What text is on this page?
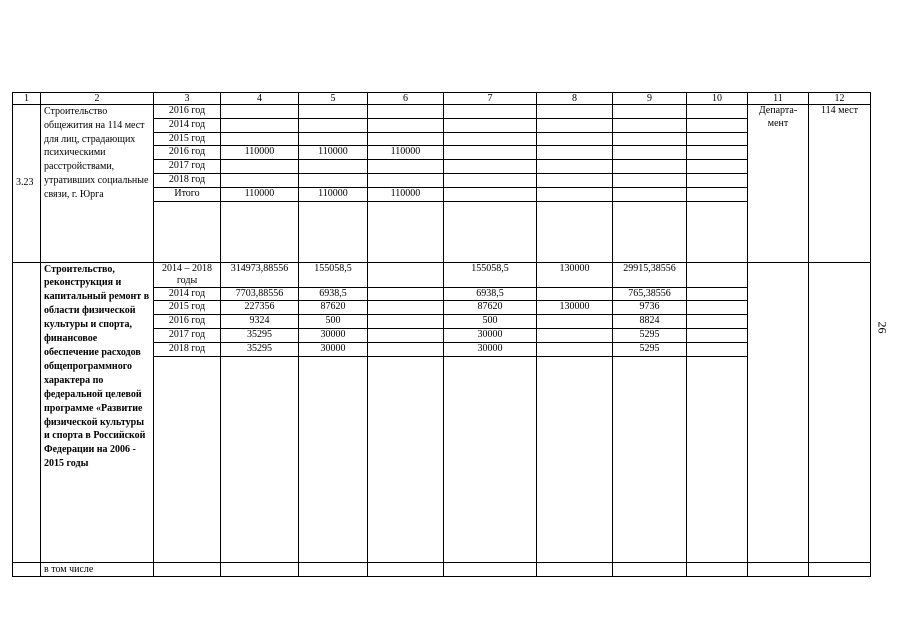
1	2	3	4	5	6	7	8	9	10	11	12
3.23	Строительство общежития на 114 мест для лиц, страдающих психическими расстройствами, утративших социальные связи, г. Юрга	2016 год								Департа-мент	114 мест
		2014 год									
		2015 год									
		2016 год	110000	110000	110000						
		2017 год									
		2018 год									
		Итого	110000	110000	110000						

	Строительство, реконструкция и капитальный ремонт в области физической культуры и спорта, финансовое обеспечение расходов общепрограммного характера по федеральной целевой программе «Развитие физической культуры и спорта в Российской Федерации на 2006 - 2015 годы	2014 – 2018 годы	314973,88556	155058,5		155058,5	130000	29915,38556			
		2014 год	7703,88556	6938,5		6938,5		765,38556			
		2015 год	227356	87620		87620	130000	9736			
		2016 год	9324	500		500		8824			
		2017 год	35295	30000		30000		5295			
		2018 год	35295	30000		30000		5295			

	в том числе										
26
